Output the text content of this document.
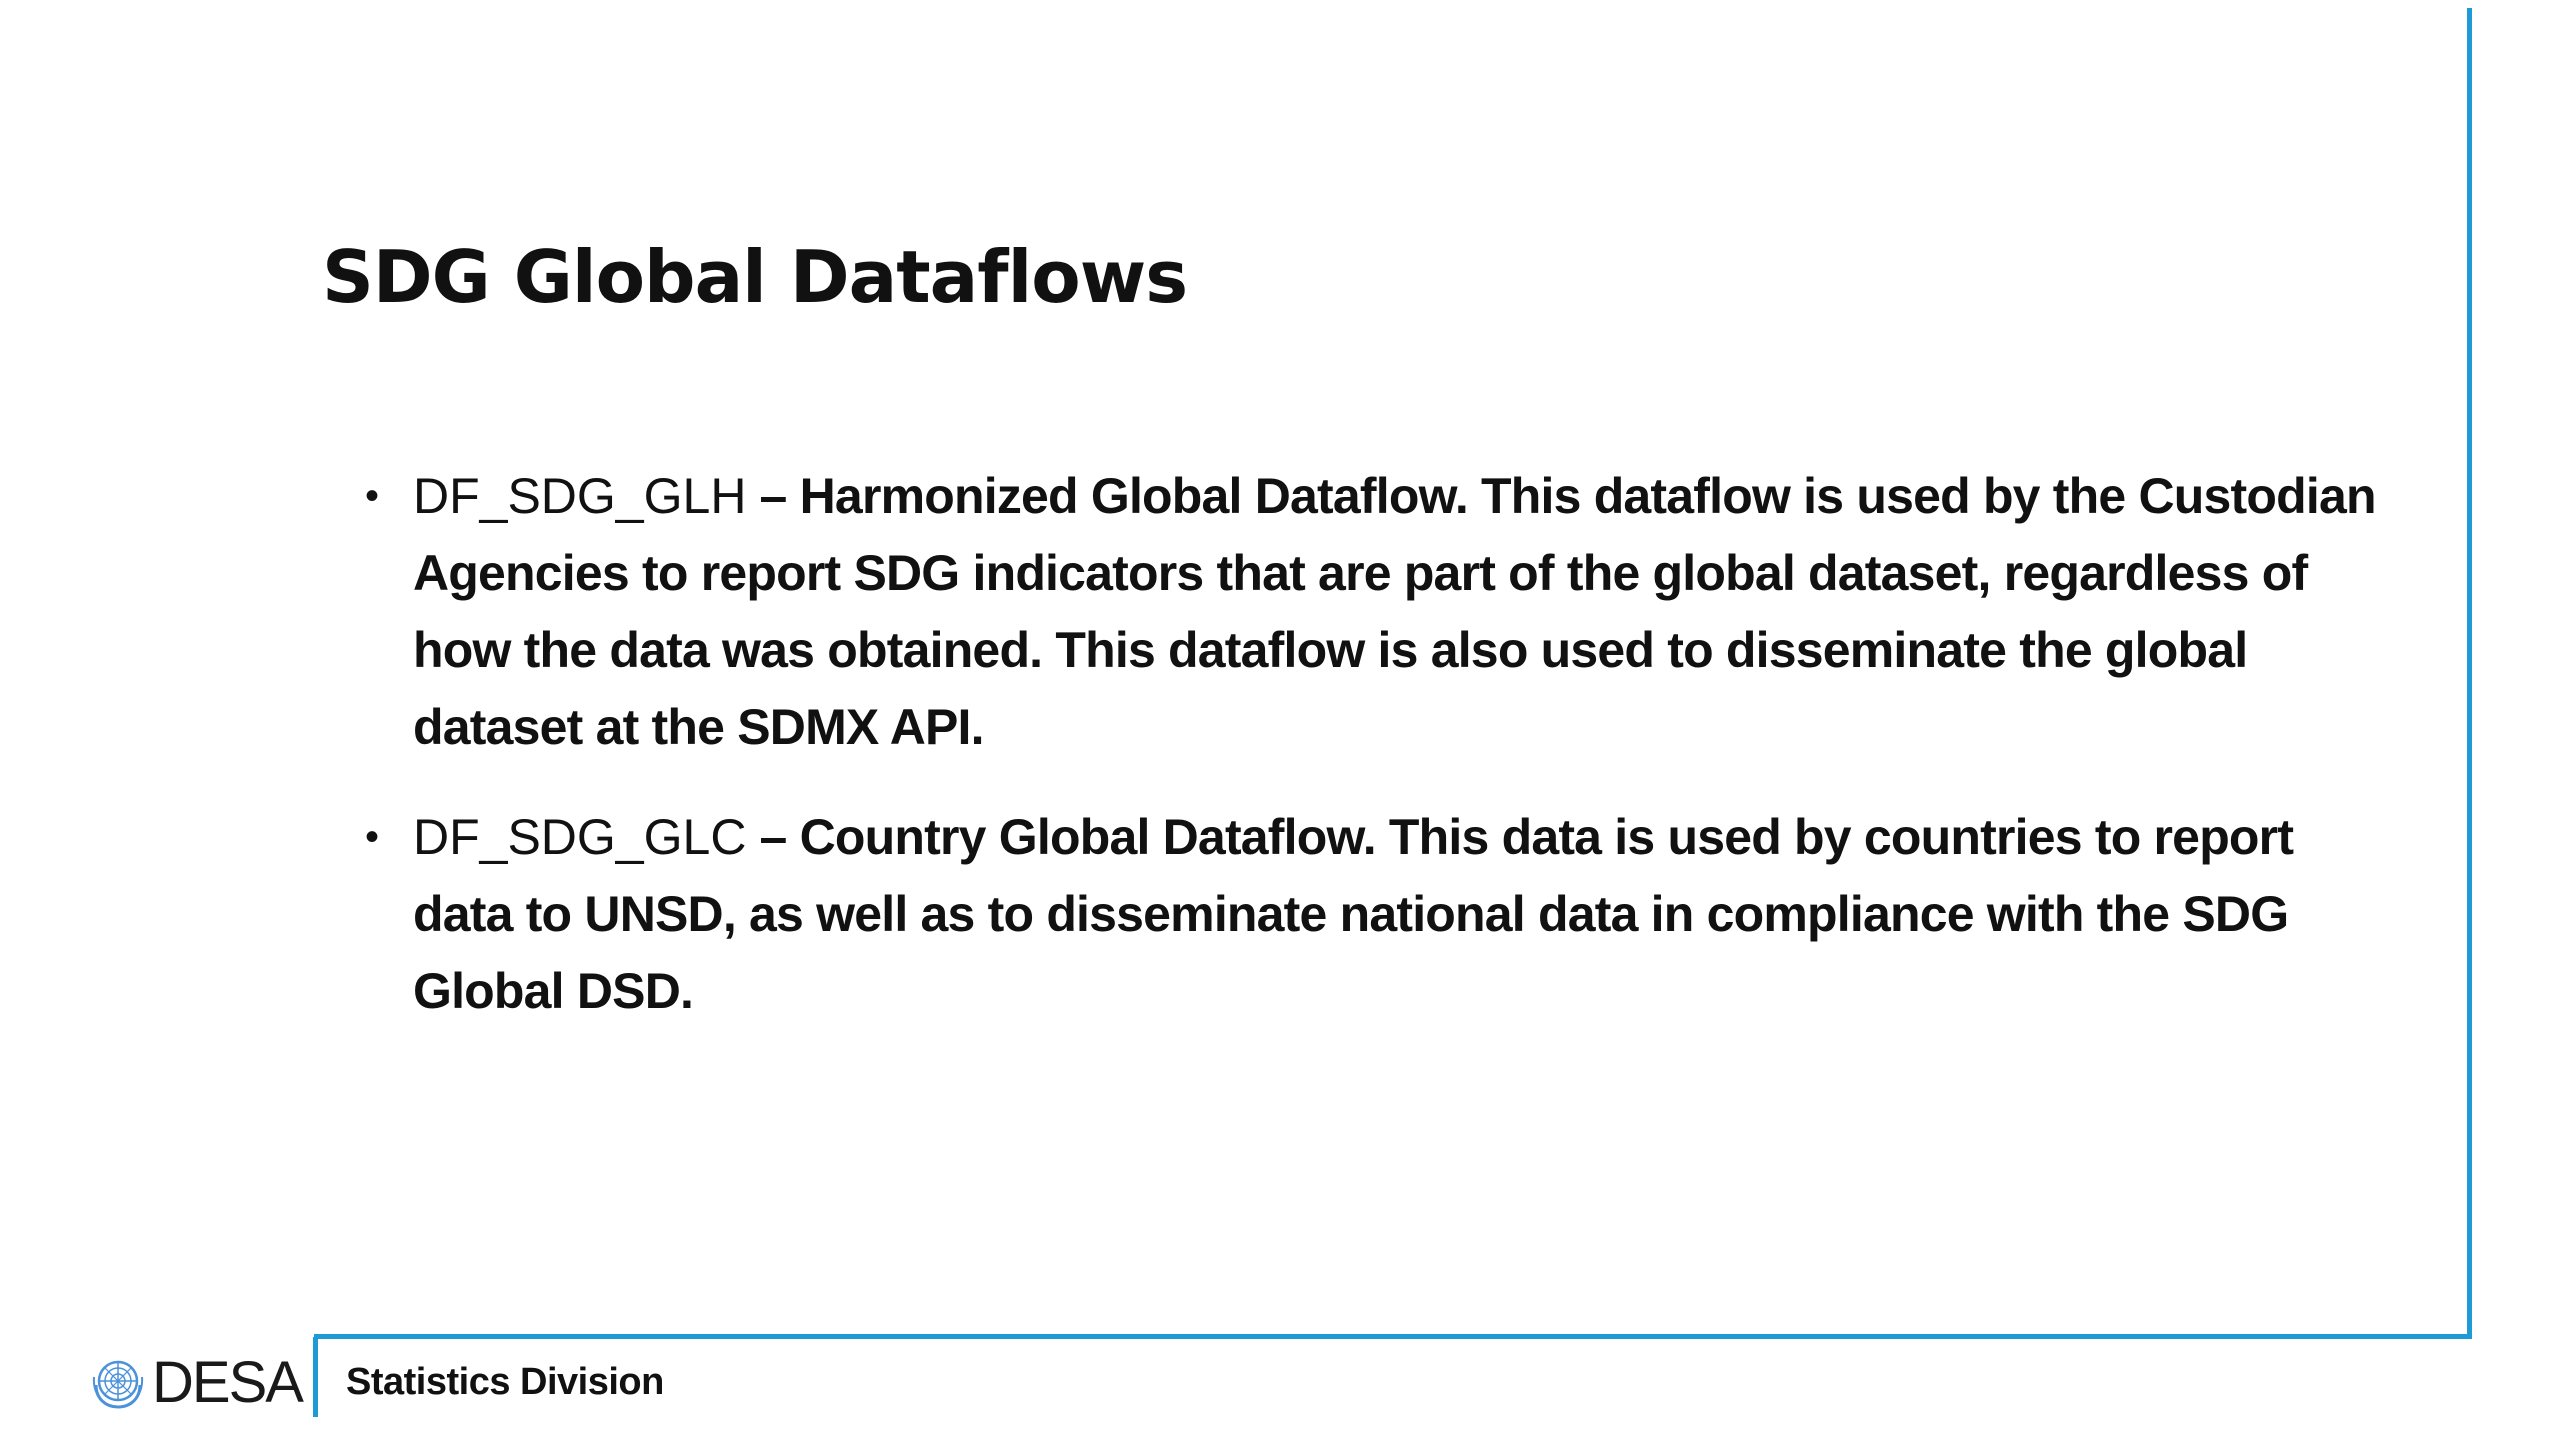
SDG Global Dataflows
• DF_SDG_GLH – Harmonized Global Dataflow. This dataflow is used by the Custodian Agencies to report SDG indicators that are part of the global dataset, regardless of how the data was obtained. This dataflow is also used to disseminate the global dataset at the SDMX API.
• DF_SDG_GLC – Country Global Dataflow. This data is used by countries to report data to UNSD, as well as to disseminate national data in compliance with the SDG Global DSD.
DESA Statistics Division
